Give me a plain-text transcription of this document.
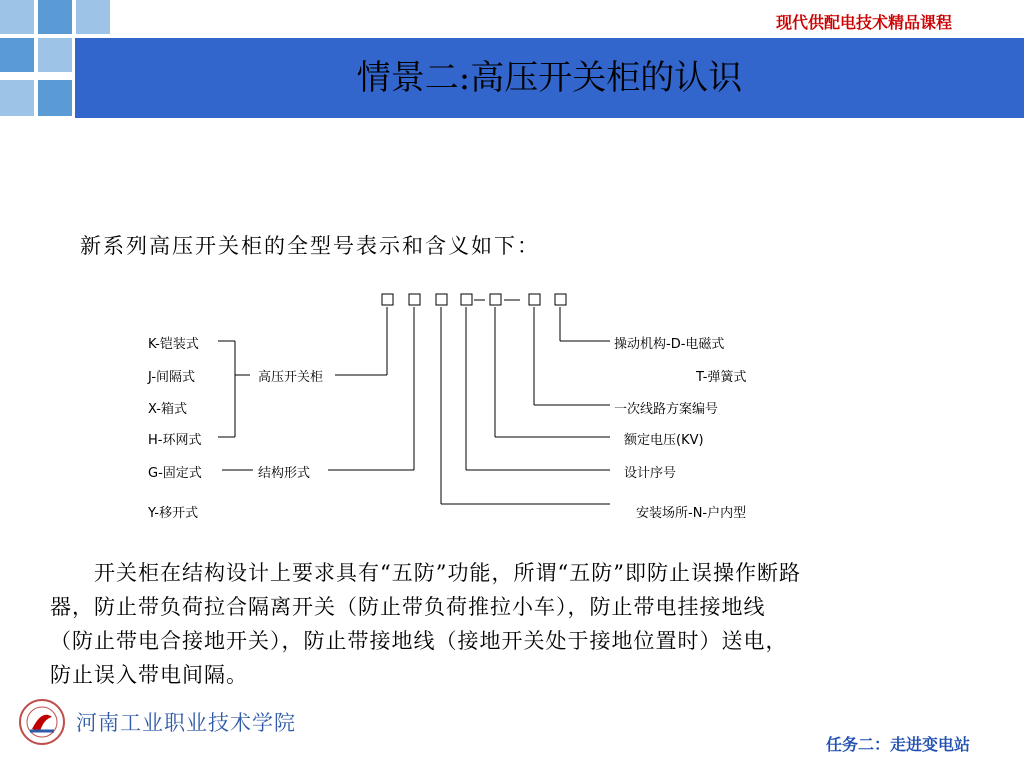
现代供配电技术精品课程
情景二:高压开关柜的认识
新系列高压开关柜的全型号表示和含义如下：
K-铠装式
J-间隔式
X-箱式
H-环网式
G-固定式
Y-移开式
高压开关柜
结构形式
操动机构-D-电磁式
T-弹簧式
一次线路方案编号
额定电压(KV)
设计序号
安装场所-N-户内型
　　开关柜在结构设计上要求具有“五防”功能，所谓“五防”即防止误操作断路
器，防止带负荷拉合隔离开关（防止带负荷推拉小车），防止带电挂接地线
（防止带电合接地开关），防止带接地线（接地开关处于接地位置时）送电，
防止误入带电间隔。
河南工业职业技术学院
任务二：走进变电站
